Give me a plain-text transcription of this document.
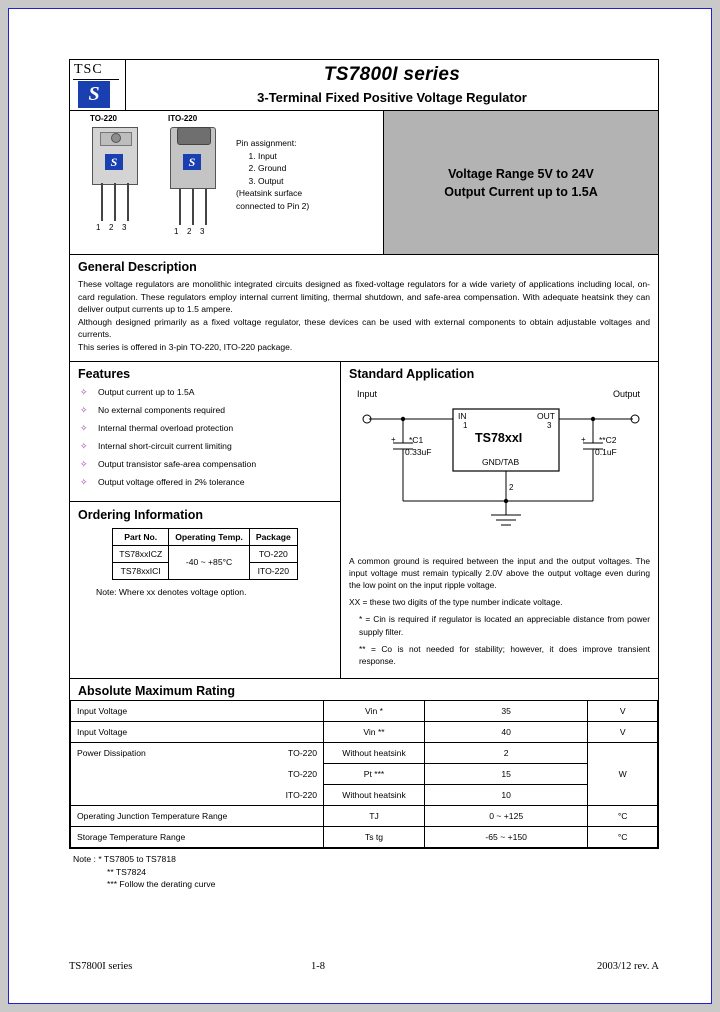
TSC
S
TS7800I series
3-Terminal Fixed Positive Voltage Regulator
TO-220	ITO-220
S	S
1 2 3	1 2 3
Pin assignment:
1. Input
2. Ground
3. Output
(Heatsink surface
connected to Pin 2)
Voltage Range 5V to 24V
Output Current up to 1.5A
General Description
These voltage regulators are monolithic integrated circuits designed as fixed-voltage regulators for a wide variety of applications including local, on-card regulation. These regulators employ internal current limiting, thermal shutdown, and safe-area compensation. With adequate heatsink they can deliver output currents up to 1.5 ampere.
Although designed primarily as a fixed voltage regulator, these devices can be used with external components to obtain adjustable voltages and currents.
This series is offered in 3-pin TO-220, ITO-220 package.
Features
✧	Output current up to 1.5A
✧	No external components required
✧	Internal thermal overload protection
✧	Internal short-circuit current limiting
✧	Output transistor safe-area compensation
✧	Output voltage offered in 2% tolerance
Ordering Information
Part No.	Operating Temp.	Package
TS78xxICZ	-40 ~ +85°C	TO-220
TS78xxICI		ITO-220
Note: Where xx denotes voltage option.
Standard Application
Input	Output
IN	OUT
TS78xxI
GND/TAB
1	3
2
+	+
*C1
0.33uF
**C2
0.1uF

A common ground is required between the input and the output voltages. The input voltage must remain typically 2.0V above the output voltage even during the low point on the input ripple voltage.

XX = these two digits of the type number indicate voltage.

* = Cin is required if regulator is located an appreciable distance from power supply filter.

** = Co is not needed for stability; however, it does improve transient response.

Absolute Maximum Rating
Input Voltage	Vin *	35	V
Input Voltage	Vin **	40	V
Power Dissipation TO-220	Without heatsink	2	W

TO-220	Pt ***	15	

ITO-220	Without heatsink	10	
Operating Junction Temperature Range	TJ	0 ~ +125	°C
Storage Temperature Range	Ts tg	-65 ~ +150	°C
Note : * TS7805 to TS7818
** TS7824
*** Follow the derating curve
TS7800I series	1-8	2003/12 rev. A
